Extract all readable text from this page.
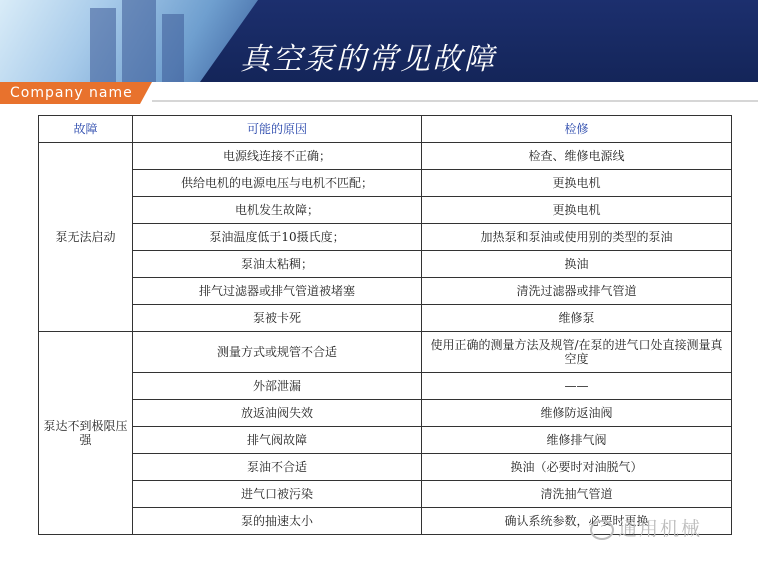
真空泵的常见故障
Company name
故障	可能的原因	检修
泵无法启动	电源线连接不正确；	检查、维修电源线
	供给电机的电源电压与电机不匹配；	更换电机
	电机发生故障；	更换电机
	泵油温度低于10摄氏度；	加热泵和泵油或使用别的类型的泵油
	泵油太粘稠；	换油
	排气过滤器或排气管道被堵塞	清洗过滤器或排气管道
	泵被卡死	维修泵
泵达不到极限压强	测量方式或规管不合适	使用正确的测量方法及规管/在泵的进气口处直接测量真空度
	外部泄漏	——
	放返油阀失效	维修防返油阀
	排气阀故障	维修排气阀
	泵油不合适	换油（必要时对油脱气）
	进气口被污染	清洗抽气管道
	泵的抽速太小	确认系统参数，必要时更换
通用机械
